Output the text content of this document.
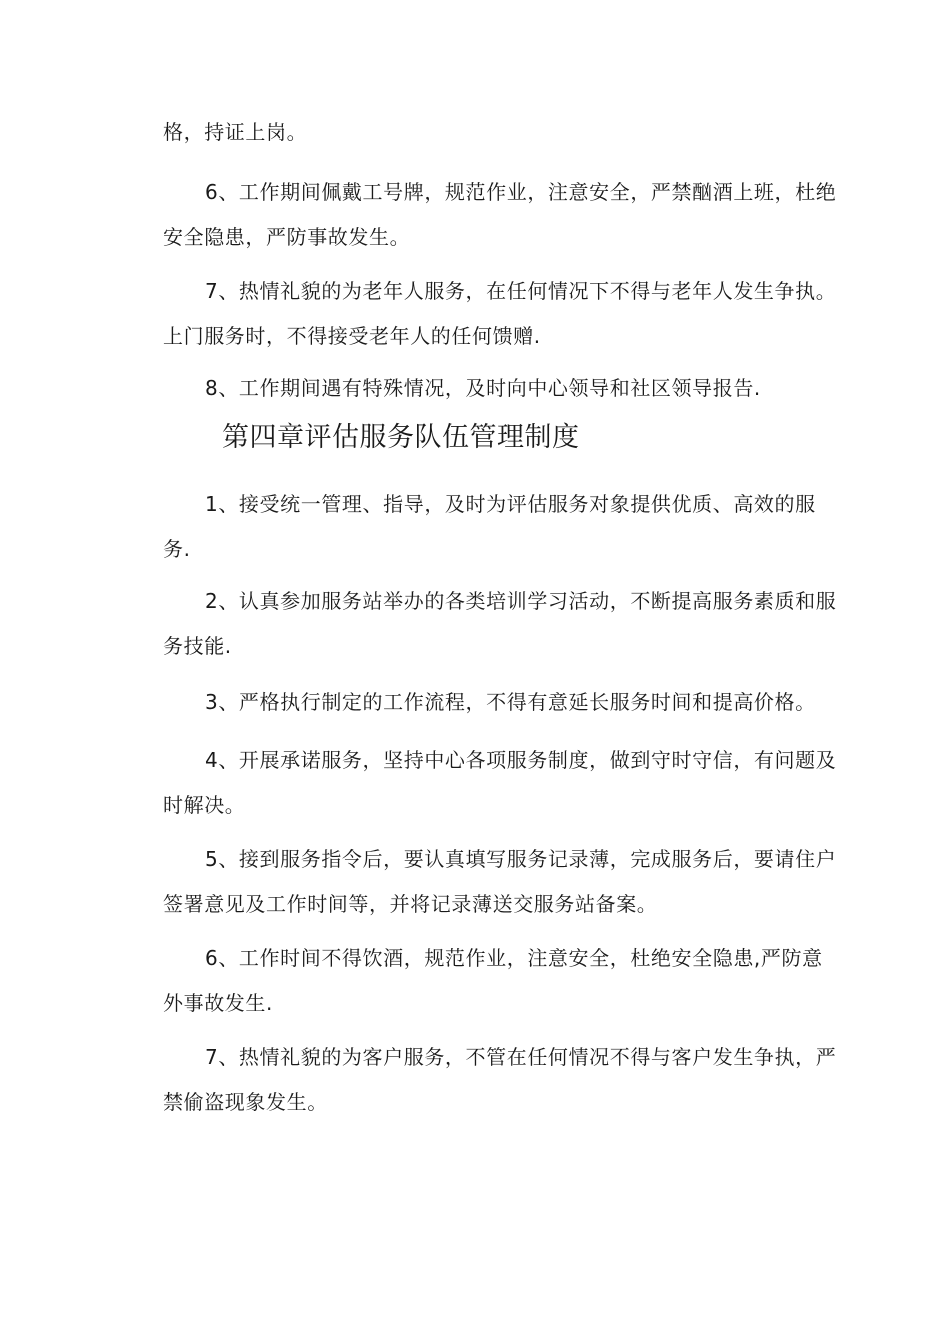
格，持证上岗。

6、工作期间佩戴工号牌，规范作业，注意安全，严禁酗酒上班，杜绝安全隐患，严防事故发生。

7、热情礼貌的为老年人服务，在任何情况下不得与老年人发生争执。上门服务时，不得接受老年人的任何馈赠.

8、工作期间遇有特殊情况，及时向中心领导和社区领导报告.

第四章评估服务队伍管理制度

1、接受统一管理、指导，及时为评估服务对象提供优质、高效的服务.

2、认真参加服务站举办的各类培训学习活动，不断提高服务素质和服务技能.

3、严格执行制定的工作流程，不得有意延长服务时间和提高价格。

4、开展承诺服务，坚持中心各项服务制度，做到守时守信，有问题及时解决。

5、接到服务指令后，要认真填写服务记录薄，完成服务后，要请住户签署意见及工作时间等，并将记录薄送交服务站备案。

6、工作时间不得饮酒，规范作业，注意安全，杜绝安全隐患,严防意外事故发生.

7、热情礼貌的为客户服务，不管在任何情况不得与客户发生争执，严禁偷盗现象发生。
